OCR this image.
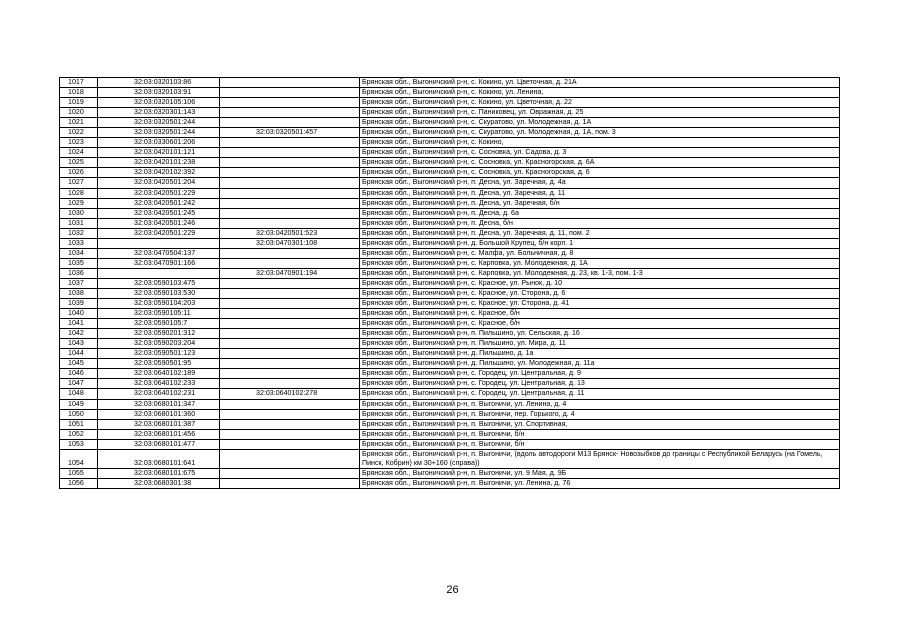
1017	32:03:0320103:86		Брянская обл., Выгоничский р-н, с. Кокино, ул. Цветочная, д. 21А
1018	32:03:0320103:91		Брянская обл., Выгоничский р-н, с. Кокино, ул. Ленина,
1019	32:03:0320105:106		Брянская обл., Выгоничский р-н, с. Кокино, ул. Цветочная, д. 22
1020	32:03:0320301:143		Брянская обл., Выгоничский р-н, с. Паниковец, ул. Овражная, д. 25
1021	32:03:0320501:244		Брянская обл., Выгоничский р-н, с. Скуратово, ул. Молодежная, д. 1А
1022	32:03:0320501:244	32:03:0320501:457	Брянская обл., Выгоничский р-н, с. Скуратово, ул. Молодежная, д. 1А, пом. 3
1023	32:03:0330601:206		Брянская обл., Выгоничский р-н, с. Кокино,
1024	32:03:0420101:121		Брянская обл., Выгоничский р-н, с. Сосновка, ул. Садова, д. 3
1025	32:03:0420101:238		Брянская обл., Выгоничский р-н, с. Сосновка, ул. Красногорская, д. 6А
1026	32:03:0420102:392		Брянская обл., Выгоничский р-н, с. Сосновка, ул. Красногорская, д. 6
1027	32:03:0420501:204		Брянская обл., Выгоничский р-н, п. Десна, ул. Заречная, д. 4а
1028	32:03:0420501:229		Брянская обл., Выгоничский р-н, п. Десна, ул. Заречная, д. 11
1029	32:03:0420501:242		Брянская обл., Выгоничский р-н, п. Десна, ул. Заречная, б/н
1030	32:03:0420501:245		Брянская обл., Выгоничский р-н, п. Десна, д. 6а
1031	32:03:0420501:246		Брянская обл., Выгоничский р-н, п. Десна, б/н
1032	32:03:0420501:229	32:03:0420501:523	Брянская обл., Выгоничский р-н, п. Десна, ул. Заречная, д. 11, пом. 2
1033		32:03:0470301:108	Брянская обл., Выгоничский р-н, д. Большой Крупец, б/н корп. 1
1034	32:03:0470504:137		Брянская обл., Выгоничский р-н, с. Малфа, ул. Больничная, д. 8
1035	32:03:0470901:166		Брянская обл., Выгоничский р-н, с. Карповка, ул. Молодежная, д. 1А
1036		32:03:0470901:194	Брянская обл., Выгоничский р-н, с. Карповка, ул. Молодежная, д. 23, кв. 1-3, пом. 1-3
1037	32:03:0590103:475		Брянская обл., Выгоничский р-н, с. Красное, ул. Рынок, д. 10
1038	32:03:0590103:530		Брянская обл., Выгоничский р-н, с. Красное, ул. Сторона, д. 6
1039	32:03:0590104:203		Брянская обл., Выгоничский р-н, с. Красное, ул. Сторона, д. 41
1040	32:03:0590105:11		Брянская обл., Выгоничский р-н, с. Красное, б/н
1041	32:03:0590105:7		Брянская обл., Выгоничский р-н, с. Красное, б/н
1042	32:03:0590201:312		Брянская обл., Выгоничский р-н, п. Пильшино, ул. Сельская, д. 16
1043	32:03:0590203:204		Брянская обл., Выгоничский р-н, п. Пильшино, ул. Мира, д. 11
1044	32:03:0590501:123		Брянская обл., Выгоничский р-н, д. Пильшино, д. 1а
1045	32:03:0590501:95		Брянская обл., Выгоничский р-н, д. Пильшино, ул. Молодежная, д. 11а
1046	32:03:0640102:189		Брянская обл., Выгоничский р-н, с. Городец, ул. Центральная, д. 9
1047	32:03:0640102:233		Брянская обл., Выгоничский р-н, с. Городец, ул. Центральная, д. 13
1048	32:03:0640102:231	32:03:0640102:278	Брянская обл., Выгоничский р-н, с. Городец, ул. Центральная, д. 11
1049	32:03:0680101:347		Брянская обл., Выгоничский р-н, п. Выгоничи, ул. Ленина, д. 4
1050	32:03:0680101:360		Брянская обл., Выгоничский р-н, п. Выгоничи, пер. Горького, д. 4
1051	32:03:0680101:387		Брянская обл., Выгоничский р-н, п. Выгоничи, ул. Спортивная,
1052	32:03:0680101:456		Брянская обл., Выгоничский р-н, п. Выгоничи, б/н
1053	32:03:0680101:477		Брянская обл., Выгоничский р-н, п. Выгоничи, б/н
1054	32:03:0680101:641		Брянская обл., Выгоничский р-н, п. Выгоничи, (вдоль автодороги М13 Брянск- Новозыбков до границы с Республикой Беларусь (на Гомель, Пинск, Кобрин) км 30+160 (справа))
1055	32:03:0680101:675		Брянская обл., Выгоничский р-н, п. Выгоничи, ул. 9 Мая, д. 9Б
1056	32:03:0680301:38		Брянская обл., Выгоничский р-н, п. Выгоничи, ул. Ленина, д. 76
26
